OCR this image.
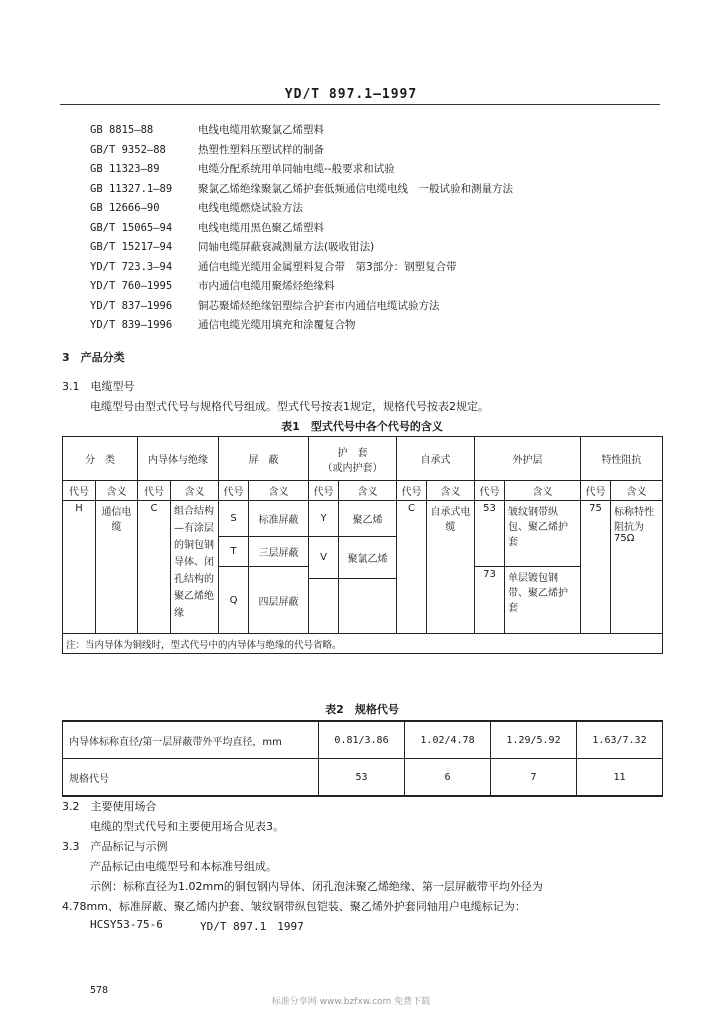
YD/T 897.1—1997
GB 8815—88	电线电缆用软聚氯乙烯塑料
GB/T 9352—88	热塑性塑料压塑试样的制备
GB 11323—89	电缆分配系统用单同轴电缆--般要求和试验
GB 11327.1—89 聚氯乙烯绝缘聚氯乙烯护套低频通信电缆电线　一般试验和测量方法
GB 12666—90	电线电缆燃烧试验方法
GB/T 15065—94 电线电缆用黑色聚乙烯塑料
GB/T 15217—94 同轴电缆屏蔽衰减测量方法(吸收钳法)
YD/T 723.3—94 通信电缆光缆用金属塑料复合带　第3部分：钢塑复合带
YD/T 760—1995 市内通信电缆用聚烯烃绝缘料
YD/T 837—1996 铜芯聚烯烃绝缘铝塑综合护套市内通信电缆试验方法
YD/T 839—1996 通信电缆光缆用填充和涂覆复合物
3　产品分类
3.1　电缆型号
电缆型号由型式代号与规格代号组成。型式代号按表1规定，规格代号按表2规定。
表1　型式代号中各个代号的含义
分　类		内导体与绝缘		屏　蔽		护　套
（或内护套）		自承式		外护层		特性阻抗	
代号	含义	代号	含义	代号	含义	代号	含义	代号	含义	代号	含义	代号	含义
H	通信电缆	C	组合结构—有涂层的铜包钢导体、闭孔结构的聚乙烯绝缘	S	标准屏蔽	Y	聚乙烯	C	自承式电缆	53	皱纹钢带纵包、聚乙烯护套	75	标称特性阻抗为75Ω
				T	三层屏蔽	V	聚氯乙烯						
				Q	四层屏蔽					73	单层镀包钢带、聚乙烯护套		

注：当内导体为铜线时，型式代号中的内导体与绝缘的代号省略。													
表2　规格代号
内导体标称直径/第一层屏蔽带外平均直径，mm	0.81/3.86	1.02/4.78	1.29/5.92	1.63/7.32
规格代号	53	6	7	11
3.2　主要使用场合
电缆的型式代号和主要使用场合见表3。
3.3　产品标记与示例
产品标记由电缆型号和本标准号组成。
示例：标称直径为1.02mm的铜包钢内导体、闭孔泡沫聚乙烯绝缘、第一层屏蔽带平均外径为
4.78mm、标准屏蔽、聚乙烯内护套、皱纹钢带纵包铠装、聚乙烯外护套同轴用户电缆标记为：
HCSY53-75-6	YD/T 897.1　1997
578
标准分享网 www.bzfxw.com 免费下载
